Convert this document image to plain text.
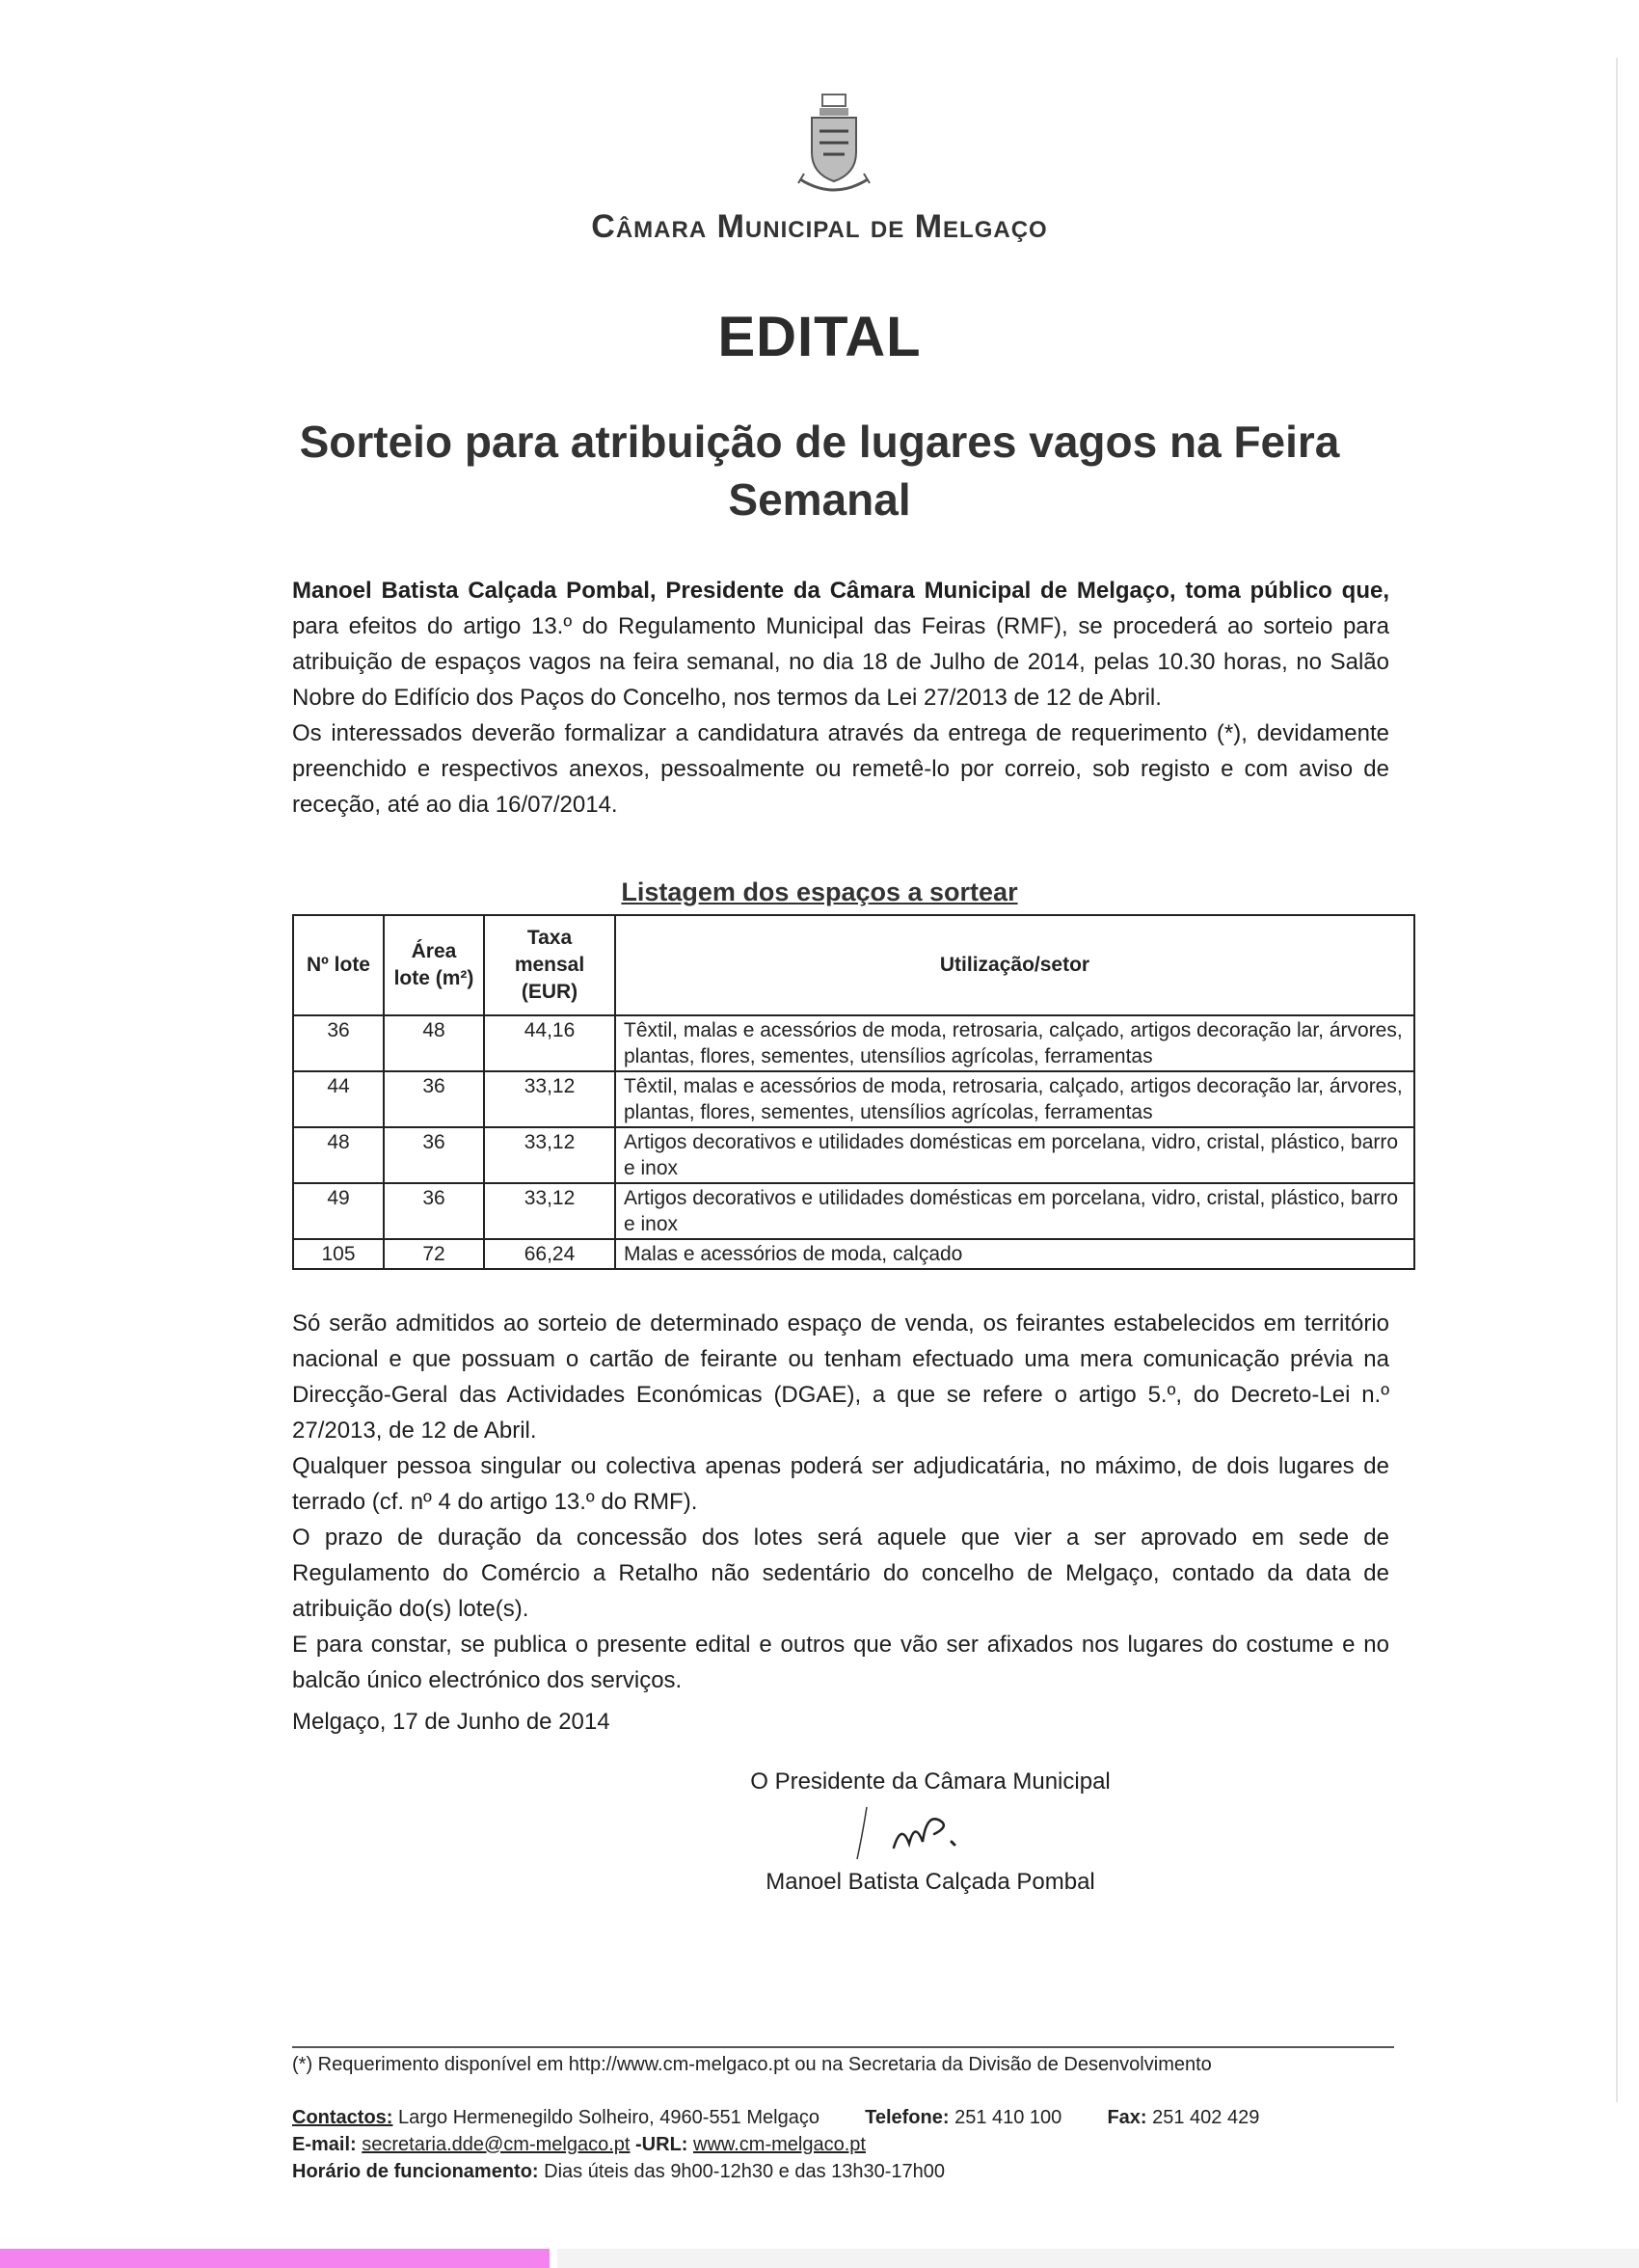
Câmara Municipal de Melgaço
EDITAL
Sorteio para atribuição de lugares vagos na Feira Semanal

Manoel Batista Calçada Pombal, Presidente da Câmara Municipal de Melgaço, toma público que, para efeitos do artigo 13.º do Regulamento Municipal das Feiras (RMF), se procederá ao sorteio para atribuição de espaços vagos na feira semanal, no dia 18 de Julho de 2014, pelas 10.30 horas, no Salão Nobre do Edifício dos Paços do Concelho, nos termos da Lei 27/2013 de 12 de Abril.

Os interessados deverão formalizar a candidatura através da entrega de requerimento (*), devidamente preenchido e respectivos anexos, pessoalmente ou remetê-lo por correio, sob registo e com aviso de receção, até ao dia 16/07/2014.

Listagem dos espaços a sortear
Nº lote	Área lote (m²)	Taxa mensal (EUR)	Utilização/setor
36	48	44,16	Têxtil, malas e acessórios de moda, retrosaria, calçado, artigos decoração lar, árvores, plantas, flores, sementes, utensílios agrícolas, ferramentas
44	36	33,12	Têxtil, malas e acessórios de moda, retrosaria, calçado, artigos decoração lar, árvores, plantas, flores, sementes, utensílios agrícolas, ferramentas
48	36	33,12	Artigos decorativos e utilidades domésticas em porcelana, vidro, cristal, plástico, barro e inox
49	36	33,12	Artigos decorativos e utilidades domésticas em porcelana, vidro, cristal, plástico, barro e inox
105	72	66,24	Malas e acessórios de moda, calçado

Só serão admitidos ao sorteio de determinado espaço de venda, os feirantes estabelecidos em território nacional e que possuam o cartão de feirante ou tenham efectuado uma mera comunicação prévia na Direcção-Geral das Actividades Económicas (DGAE), a que se refere o artigo 5.º, do Decreto-Lei n.º 27/2013, de 12 de Abril.

Qualquer pessoa singular ou colectiva apenas poderá ser adjudicatária, no máximo, de dois lugares de terrado (cf. nº 4 do artigo 13.º do RMF).

O prazo de duração da concessão dos lotes será aquele que vier a ser aprovado em sede de Regulamento do Comércio a Retalho não sedentário do concelho de Melgaço, contado da data de atribuição do(s) lote(s).

E para constar, se publica o presente edital e outros que vão ser afixados nos lugares do costume e no balcão único electrónico dos serviços.

Melgaço, 17 de Junho de 2014
O Presidente da Câmara Municipal
Manoel Batista Calçada Pombal
(*) Requerimento disponível em http://www.cm-melgaco.pt ou na Secretaria da Divisão de Desenvolvimento
Contactos: Largo Hermenegildo Solheiro, 4960-551 Melgaço Telefone: 251 410 100 Fax: 251 402 429
E-mail: secretaria.dde@cm-melgaco.pt -URL: www.cm-melgaco.pt
Horário de funcionamento: Dias úteis das 9h00-12h30 e das 13h30-17h00
